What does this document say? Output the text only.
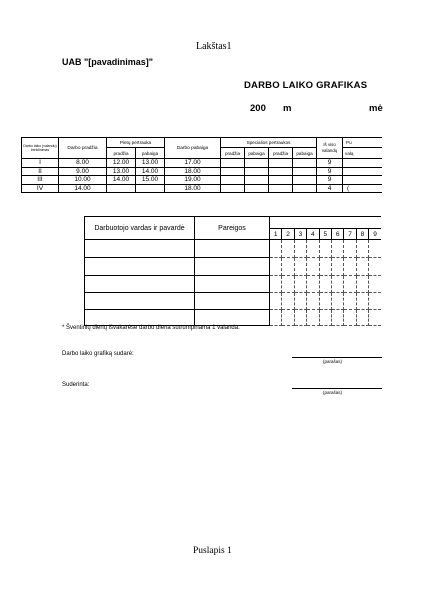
Lakštas1
UAB "[pavadinimas]"
DARBO LAIKO GRAFIKAS
200 m	mė
Darbo laiko (valandų) ženklinimas	Darbo pradžia	Pietų pertrauka		Darbo pabaiga	Specialios pertraukos				Iš viso valandų	Pu
		pradžia	pabaiga		pradžia	pabaiga	pradžia	pabaiga		valą
I	8.00	12.00	13.00	17.00					9	
II	9.00	13.00	14.00	18.00					9	
III	10.00	14.00	15.00	19.00					9	
IV	14.00			18.00					4	(
Darbuotojo vardas ir pavardė	Pareigos									
		1	2	3	4	5	6	7	8	9

* Šventinių dienų išvakarėse darbo diena sutrumpinama 1 valanda.
Darbo laiko grafiką sudarė:
(parašas)
Suderinta:
(parašas)
Puslapis 1
